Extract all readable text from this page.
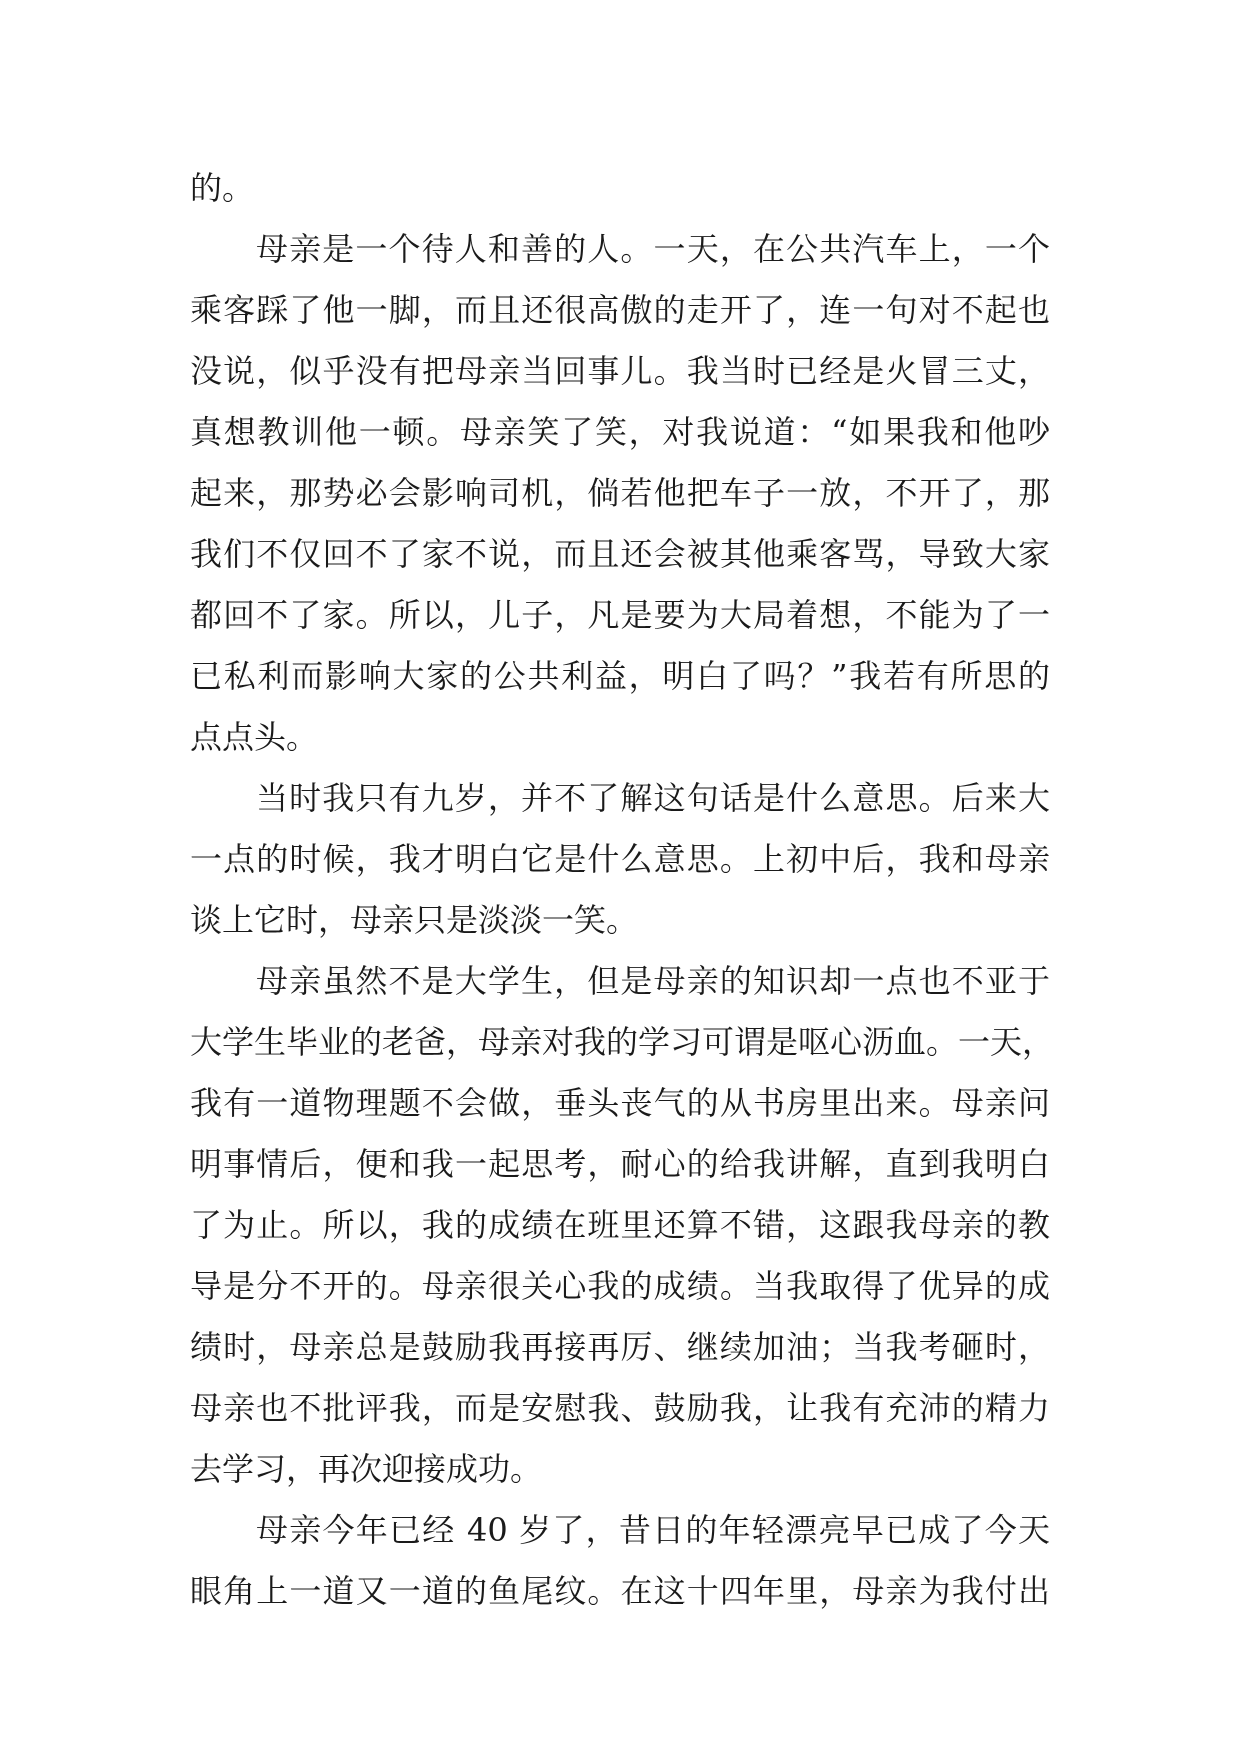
的。
母亲是一个待人和善的人。一天，在公共汽车上，一个
乘客踩了他一脚，而且还很高傲的走开了，连一句对不起也
没说，似乎没有把母亲当回事儿。我当时已经是火冒三丈，
真想教训他一顿。母亲笑了笑，对我说道：“如果我和他吵
起来，那势必会影响司机，倘若他把车子一放，不开了，那
我们不仅回不了家不说，而且还会被其他乘客骂，导致大家
都回不了家。所以，儿子，凡是要为大局着想，不能为了一
已私利而影响大家的公共利益，明白了吗？”我若有所思的
点点头。
当时我只有九岁，并不了解这句话是什么意思。后来大
一点的时候，我才明白它是什么意思。上初中后，我和母亲
谈上它时，母亲只是淡淡一笑。
母亲虽然不是大学生，但是母亲的知识却一点也不亚于
大学生毕业的老爸，母亲对我的学习可谓是呕心沥血。一天，
我有一道物理题不会做，垂头丧气的从书房里出来。母亲问
明事情后，便和我一起思考，耐心的给我讲解，直到我明白
了为止。所以，我的成绩在班里还算不错，这跟我母亲的教
导是分不开的。母亲很关心我的成绩。当我取得了优异的成
绩时，母亲总是鼓励我再接再厉、继续加油；当我考砸时，
母亲也不批评我，而是安慰我、鼓励我，让我有充沛的精力
去学习，再次迎接成功。
母亲今年已经 40 岁了，昔日的年轻漂亮早已成了今天
眼角上一道又一道的鱼尾纹。在这十四年里，母亲为我付出
